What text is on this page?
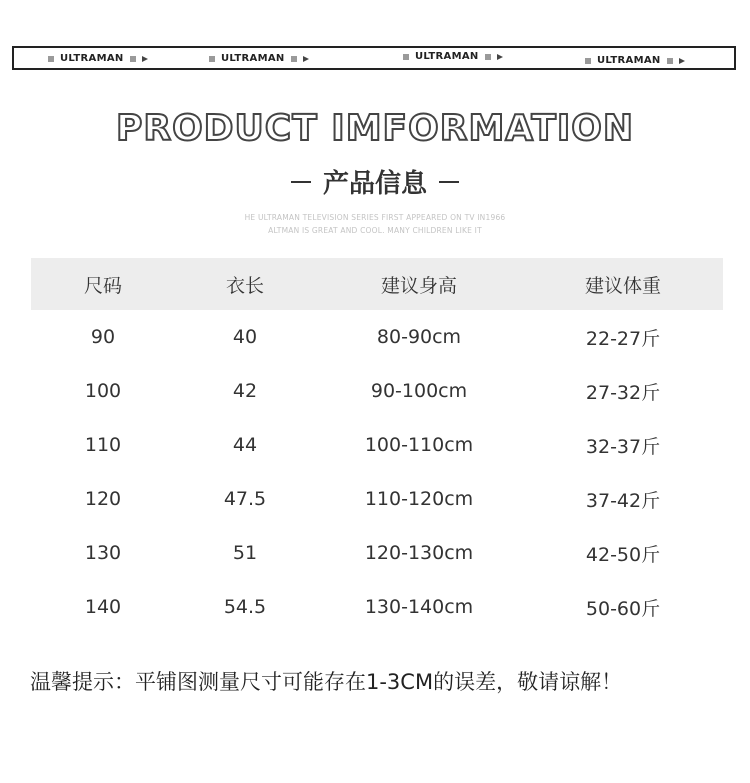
ULTRAMAN	ULTRAMAN	ULTRAMAN	ULTRAMAN
PRODUCT IMFORMATION
产品信息
HE ULTRAMAN TELEVISION SERIES FIRST APPEARED ON TV IN1966
ALTMAN IS GREAT AND COOL. MANY CHILDREN LIKE IT
尺码	衣长	建议身高	建议体重
90	40	80-90cm	22-27斤
100	42	90-100cm	27-32斤
110	44	100-110cm	32-37斤
120	47.5	110-120cm	37-42斤
130	51	120-130cm	42-50斤
140	54.5	130-140cm	50-60斤
温馨提示：平铺图测量尺寸可能存在1-3CM的误差，敬请谅解！
